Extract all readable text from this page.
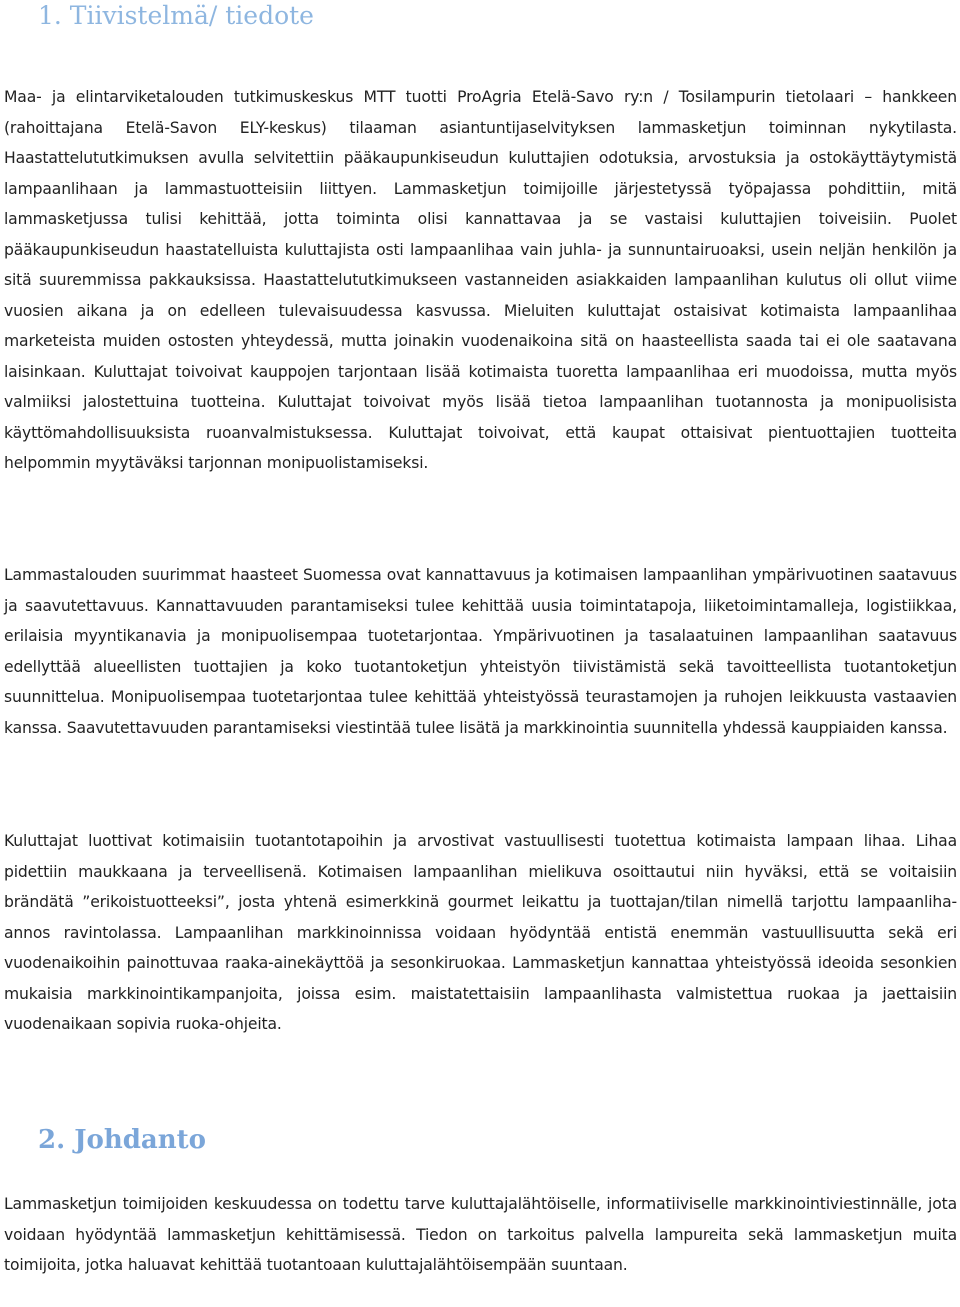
1. Tiivistelmä/ tiedote

Maa- ja elintarviketalouden tutkimuskeskus MTT tuotti ProAgria Etelä-Savo ry:n / Tosilampurin tietolaari – hankkeen (rahoittajana Etelä-Savon ELY-keskus) tilaaman asiantuntijaselvityksen lammasketjun toiminnan nykytilasta. Haastattelututkimuksen avulla selvitettiin pääkaupunkiseudun kuluttajien odotuksia, arvostuksia ja ostokäyttäytymistä lampaanlihaan ja lammastuotteisiin liittyen. Lammasketjun toimijoille järjestetyssä työpajassa pohdittiin, mitä lammasketjussa tulisi kehittää, jotta toiminta olisi kannattavaa ja se vastaisi kuluttajien toiveisiin. Puolet pääkaupunkiseudun haastatelluista kuluttajista osti lampaanlihaa vain juhla- ja sunnuntairuoaksi, usein neljän henkilön ja sitä suuremmissa pakkauksissa. Haastattelututkimukseen vastanneiden asiakkaiden lampaanlihan kulutus oli ollut viime vuosien aikana ja on edelleen tulevaisuudessa kasvussa. Mieluiten kuluttajat ostaisivat kotimaista lampaanlihaa marketeista muiden ostosten yhteydessä, mutta joinakin vuodenaikoina sitä on haasteellista saada tai ei ole saatavana laisinkaan. Kuluttajat toivoivat kauppojen tarjontaan lisää kotimaista tuoretta lampaanlihaa eri muodoissa, mutta myös valmiiksi jalostettuina tuotteina. Kuluttajat toivoivat myös lisää tietoa lampaanlihan tuotannosta ja monipuolisista käyttömahdollisuuksista ruoanvalmistuksessa. Kuluttajat toivoivat, että kaupat ottaisivat pientuottajien tuotteita helpommin myytäväksi tarjonnan monipuolistamiseksi.

Lammastalouden suurimmat haasteet Suomessa ovat kannattavuus ja kotimaisen lampaanlihan ympärivuotinen saatavuus ja saavutettavuus. Kannattavuuden parantamiseksi tulee kehittää uusia toimintatapoja, liiketoimintamalleja, logistiikkaa, erilaisia myyntikanavia ja monipuolisempaa tuotetarjontaa. Ympärivuotinen ja tasalaatuinen lampaanlihan saatavuus edellyttää alueellisten tuottajien ja koko tuotantoketjun yhteistyön tiivistämistä sekä tavoitteellista tuotantoketjun suunnittelua. Monipuolisempaa tuotetarjontaa tulee kehittää yhteistyössä teurastamojen ja ruhojen leikkuusta vastaavien kanssa. Saavutettavuuden parantamiseksi viestintää tulee lisätä ja markkinointia suunnitella yhdessä kauppiaiden kanssa.

Kuluttajat luottivat kotimaisiin tuotantotapoihin ja arvostivat vastuullisesti tuotettua kotimaista lampaan lihaa. Lihaa pidettiin maukkaana ja terveellisenä. Kotimaisen lampaanlihan mielikuva osoittautui niin hyväksi, että se voitaisiin brändätä ”erikoistuotteeksi”, josta yhtenä esimerkkinä gourmet leikattu ja tuottajan/tilan nimellä tarjottu lampaanliha-annos ravintolassa. Lampaanlihan markkinoinnissa voidaan hyödyntää entistä enemmän vastuullisuutta sekä eri vuodenaikoihin painottuvaa raaka-ainekäyttöä ja sesonkiruokaa. Lammasketjun kannattaa yhteistyössä ideoida sesonkien mukaisia markkinointikampanjoita, joissa esim. maistatettaisiin lampaanlihasta valmistettua ruokaa ja jaettaisiin vuodenaikaan sopivia ruoka-ohjeita.

2. Johdanto

Lammasketjun toimijoiden keskuudessa on todettu tarve kuluttajalähtöiselle, informatiiviselle markkinointiviestinnälle, jota voidaan hyödyntää lammasketjun kehittämisessä. Tiedon on tarkoitus palvella lampureita sekä lammasketjun muita toimijoita, jotka haluavat kehittää tuotantoaan kuluttajalähtöisempään suuntaan.
